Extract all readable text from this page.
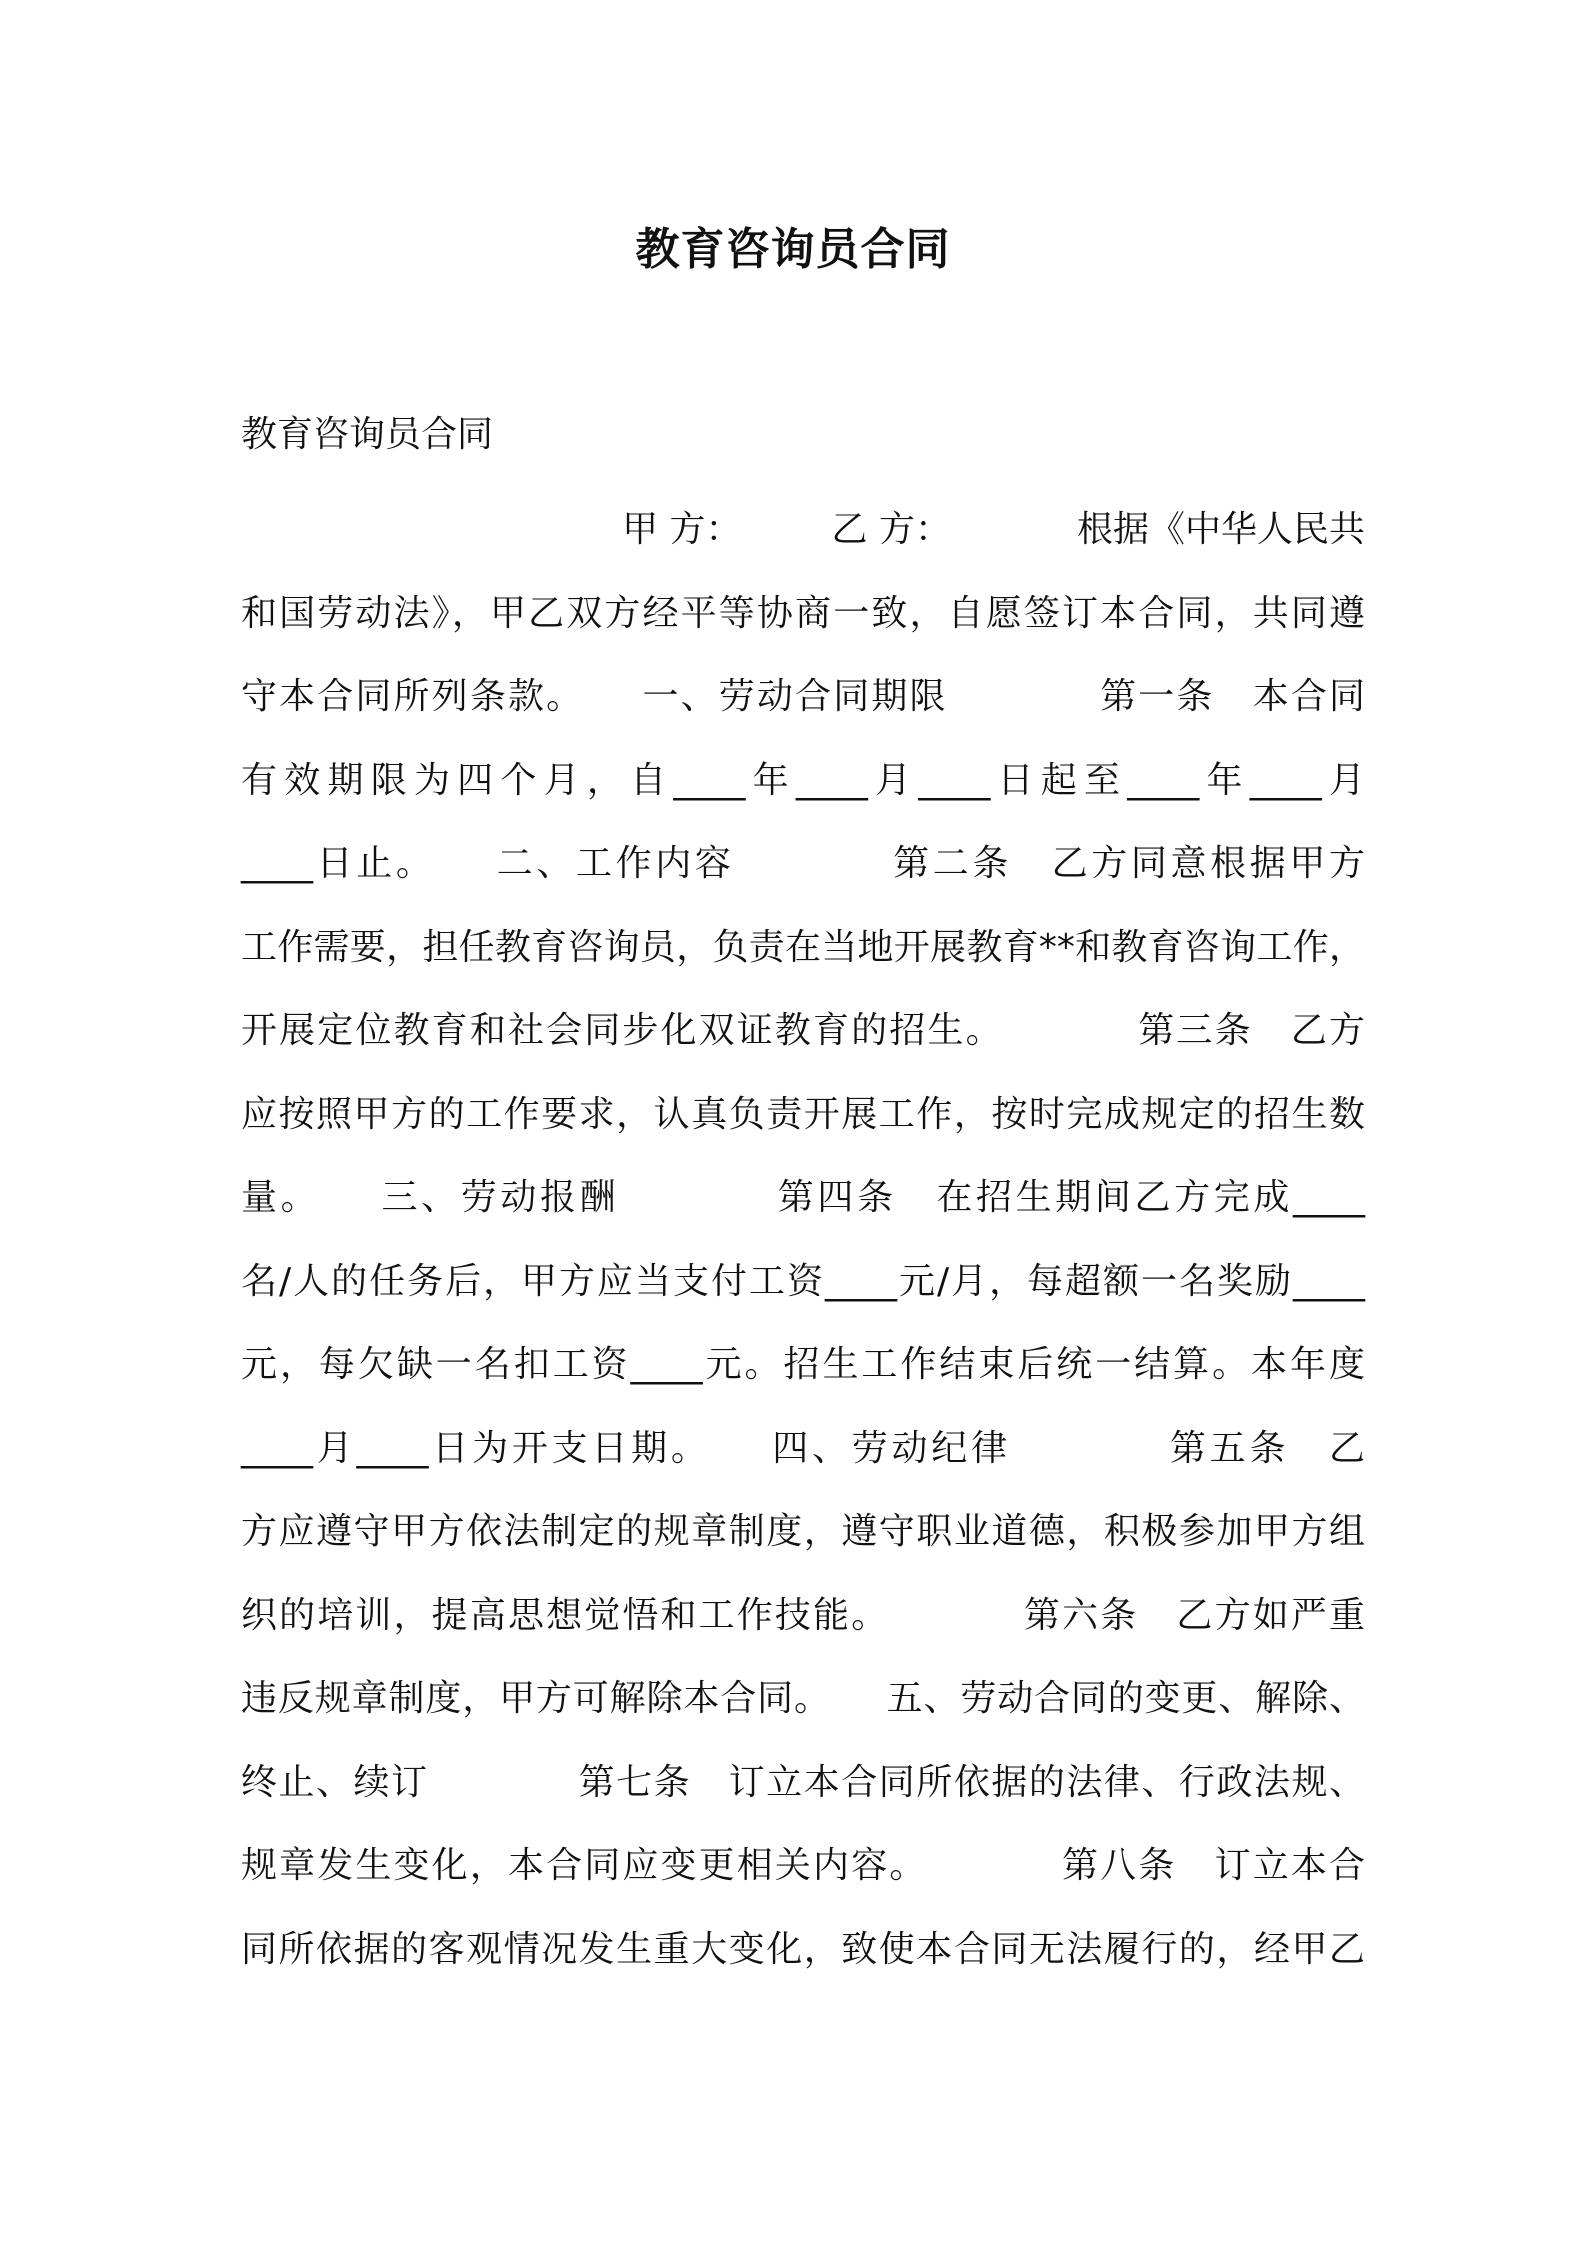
教育咨询员合同
教育咨询员合同
甲 方：　　　乙 方：　　　　根据《中华人民共
和国劳动法》，甲乙双方经平等协商一致，自愿签订本合同，共同遵
守本合同所列条款。　　一、劳动合同期限　　　　第一条　本合同
有效期限为四个月，自____年____月____日起至____年____月
____日止。　　二、工作内容　　　　第二条　乙方同意根据甲方
工作需要，担任教育咨询员，负责在当地开展教育**和教育咨询工作，
开展定位教育和社会同步化双证教育的招生。　　　　第三条　乙方
应按照甲方的工作要求，认真负责开展工作，按时完成规定的招生数
量。　　三、劳动报酬　　　　第四条　在招生期间乙方完成____
名/人的任务后，甲方应当支付工资____元/月，每超额一名奖励____
元，每欠缺一名扣工资____元。招生工作结束后统一结算。本年度
____月____日为开支日期。　　四、劳动纪律　　　　第五条　乙
方应遵守甲方依法制定的规章制度，遵守职业道德，积极参加甲方组
织的培训，提高思想觉悟和工作技能。　　　　第六条　乙方如严重
违反规章制度，甲方可解除本合同。　　五、劳动合同的变更、解除、
终止、续订　　　　第七条　订立本合同所依据的法律、行政法规、
规章发生变化，本合同应变更相关内容。　　　　第八条　订立本合
同所依据的客观情况发生重大变化，致使本合同无法履行的，经甲乙
